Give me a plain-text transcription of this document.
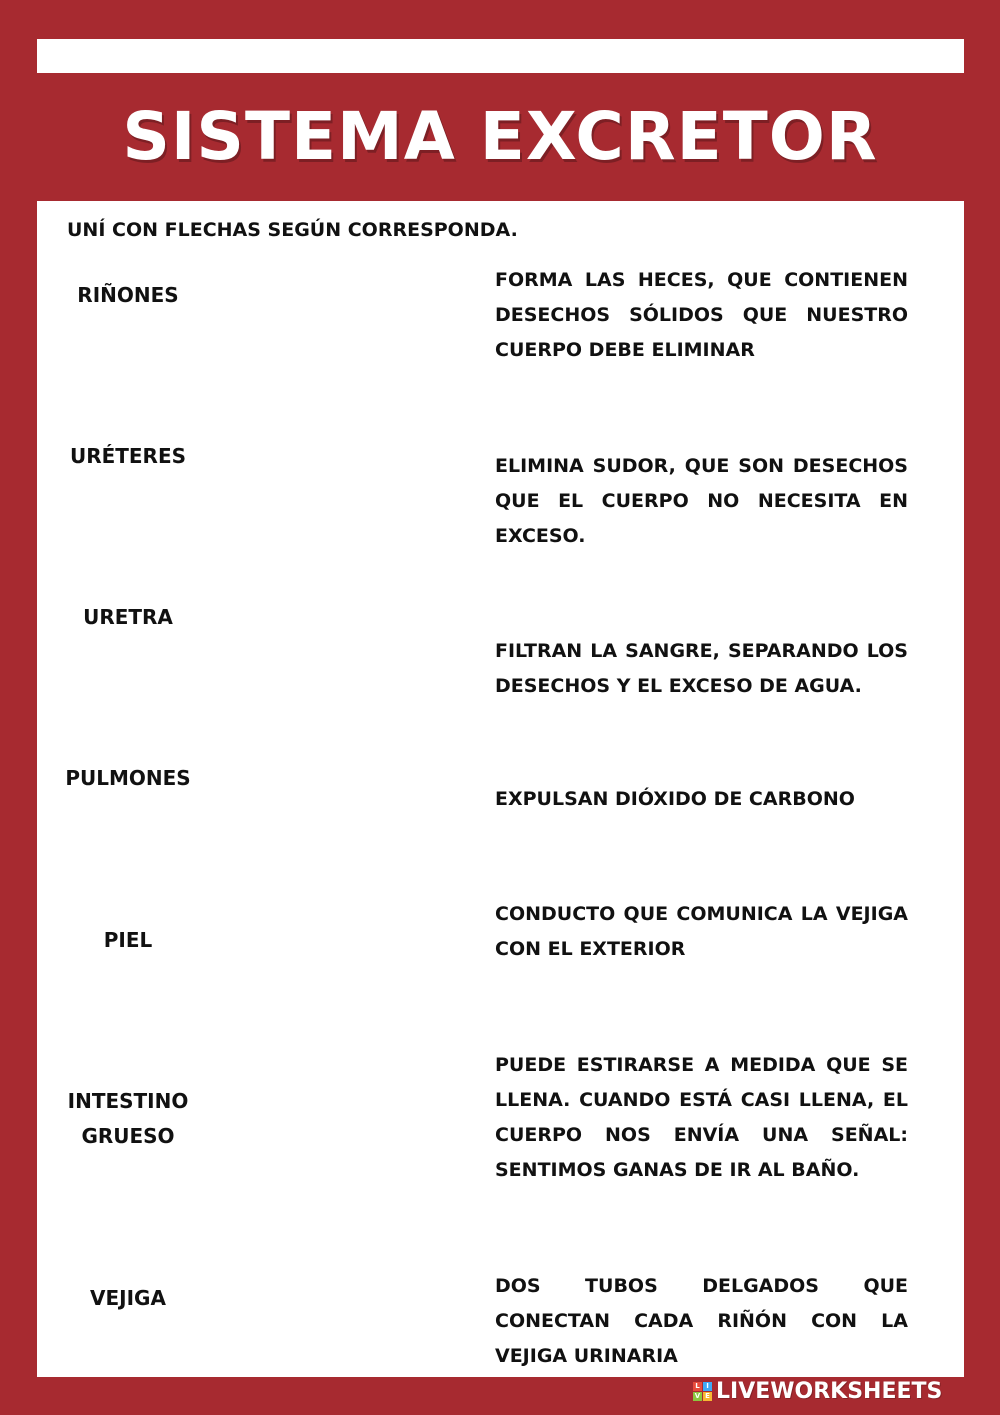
SISTEMA EXCRETOR
UNÍ CON FLECHAS SEGÚN CORRESPONDA.
RIÑONES
URÉTERES
URETRA
PULMONES
PIEL
INTESTINO
GRUESO
VEJIGA
FORMA LAS HECES, QUE CONTIENEN DESECHOS SÓLIDOS QUE NUESTRO CUERPO DEBE ELIMINAR
ELIMINA SUDOR, QUE SON DESECHOS QUE EL CUERPO NO NECESITA EN EXCESO.
FILTRAN LA SANGRE, SEPARANDO LOS DESECHOS Y EL EXCESO DE AGUA.
EXPULSAN DIÓXIDO DE CARBONO
CONDUCTO QUE COMUNICA LA VEJIGA CON EL EXTERIOR
PUEDE ESTIRARSE A MEDIDA QUE SE LLENA. CUANDO ESTÁ CASI LLENA, EL CUERPO NOS ENVÍA UNA SEÑAL: SENTIMOS GANAS DE IR AL BAÑO.
DOS TUBOS DELGADOS QUE CONECTAN CADA RIÑÓN CON LA VEJIGA URINARIA
L I
V E LIVEWORKSHEETS
